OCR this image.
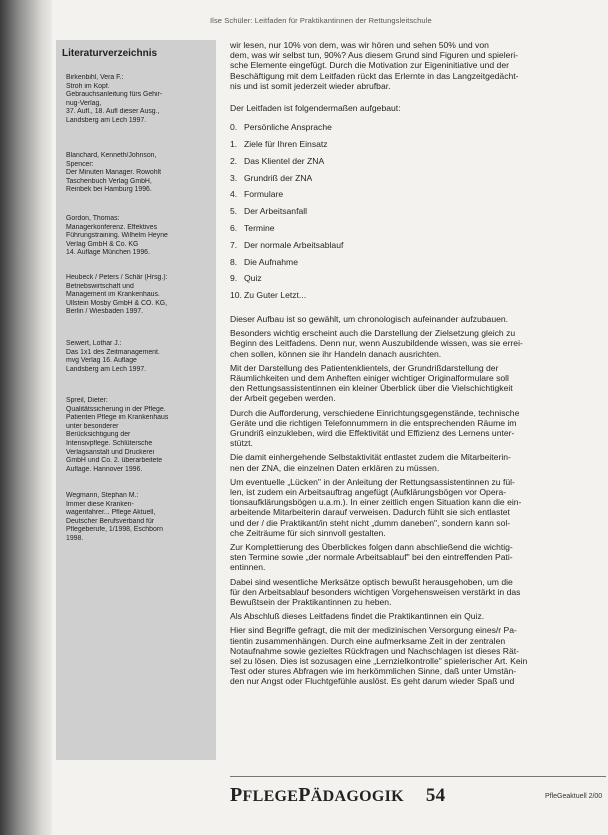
Ilse Schüler: Leitfaden für Praktikantinnen der Rettungsleitschule
Literaturverzeichnis
Birkenbihl, Vera F.:
Stroh im Kopf.
Gebrauchsanleitung fürs Gehir-
nug-Verlag,
37. Aufl., 18. Aufl dieser Ausg.,
Landsberg am Lech 1997.
Blanchard, Kenneth/Johnson,
Spencer:
Der Minuten Manager. Rowohlt
Taschenbuch Verlag GmbH,
Reinbek bei Hamburg 1996.
Gordon, Thomas:
Managerkonferenz. Effektives
Führungstraining. Wilhelm Heyne
Verlag GmbH & Co. KG
14. Auflage München 1996.
Heubeck / Peters / Schär (Hrsg.):
Betriebswirtschaft und
Management im Krankenhaus.
Ullstein Mosby GmbH & CO. KG,
Berlin / Wiesbaden 1997.
Seiwert, Lothar J.:
Das 1x1 des Zeitmanagement.
mvg Verlag 16. Auflage
Landsberg am Lech 1997.
Spreil, Dieter:
Qualitätssicherung in der Pflege.
Patienten Pflege im Krankenhaus
unter besonderer
Berücksichtigung der
Intensivpflege. Schlütersche
Verlagsanstalt und Druckerei
GmbH und Co. 2. überarbeitete
Auflage. Hannover 1996.
Wegmann, Stephan M.:
Immer diese Kranken-
wagenfahrer... Pflege Aktuell,
Deutscher Berufsverband für
Pflegeberufe, 1/1998, Eschborn
1998.
wir lesen, nur 10% von dem, was wir hören und sehen 50% und von
dem, was wir selbst tun, 90%? Aus diesem Grund sind Figuren und spieleri-
sche Elemente eingefügt. Durch die Motivation zur Eigeninitiative und der
Beschäftigung mit dem Leitfaden rückt das Erlernte in das Langzeitgedächt-
nis und ist somit jederzeit wieder abrufbar.
Der Leitfaden ist folgendermaßen aufgebaut:
0. Persönliche Ansprache
1. Ziele für Ihren Einsatz
2. Das Klientel der ZNA
3. Grundriß der ZNA
4. Formulare
5. Der Arbeitsanfall
6. Termine
7. Der normale Arbeitsablauf
8. Die Aufnahme
9. Quiz
10. Zu Guter Letzt...
Dieser Aufbau ist so gewählt, um chronologisch aufeinander aufzubauen.
Besonders wichtig erscheint auch die Darstellung der Zielsetzung gleich zu
Beginn des Leitfadens. Denn nur, wenn Auszubildende wissen, was sie errei-
chen sollen, können sie ihr Handeln danach ausrichten.
Mit der Darstellung des Patientenklientels, der Grundrißdarstellung der
Räumlichkeiten und dem Anheften einiger wichtiger Originalformulare soll
den Rettungsassistentinnen ein kleiner Überblick über die Vielschichtigkeit
der Arbeit gegeben werden.
Durch die Aufforderung, verschiedene Einrichtungsgegenstände, technische
Geräte und die richtigen Telefonnummern in die entsprechenden Räume im
Grundriß einzukleben, wird die Effektivität und Effizienz des Lernens unter-
stützt.
Die damit einhergehende Selbstaktivität entlastet zudem die Mitarbeiterin-
nen der ZNA, die einzelnen Daten erklären zu müssen.
Um eventuelle „Lücken" in der Anleitung der Rettungsassistentinnen zu fül-
len, ist zudem ein Arbeitsauftrag angefügt (Aufklärungsbögen vor Opera-
tionsaufklärungsbögen u.a.m.). In einer zeitlich engen Situation kann die ein-
arbeitende Mitarbeiterin darauf verweisen. Dadurch fühlt sie sich entlastet
und der / die Praktikant/in steht nicht „dumm daneben", sondern kann sol-
che Zeiträume für sich sinnvoll gestalten.
Zur Komplettierung des Überblickes folgen dann abschließend die wichtig-
sten Termine sowie „der normale Arbeitsablauf" bei den eintreffenden Pati-
entinnen.
Dabei sind wesentliche Merksätze optisch bewußt herausgehoben, um die
für den Arbeitsablauf besonders wichtigen Vorgehensweisen verstärkt in das
Bewußtsein der Praktikantinnen zu heben.
Als Abschluß dieses Leitfadens findet die Praktikantinnen ein Quiz.
Hier sind Begriffe gefragt, die mit der medizinischen Versorgung eines/r Pa-
tientin zusammenhängen. Durch eine aufmerksame Zeit in der zentralen
Notaufnahme sowie gezieltes Rückfragen und Nachschlagen ist dieses Rät-
sel zu lösen. Dies ist sozusagen eine „Lernzielkontrolle" spielerischer Art. Kein
Test oder stures Abfragen wie im herkömmlichen Sinne, daß unter Umstän-
den nur Angst oder Fluchtgefühle auslöst. Es geht darum wieder Spaß und
PFLEGEPÄDAGOGIK 54	PfleGeaktuell 2/00
